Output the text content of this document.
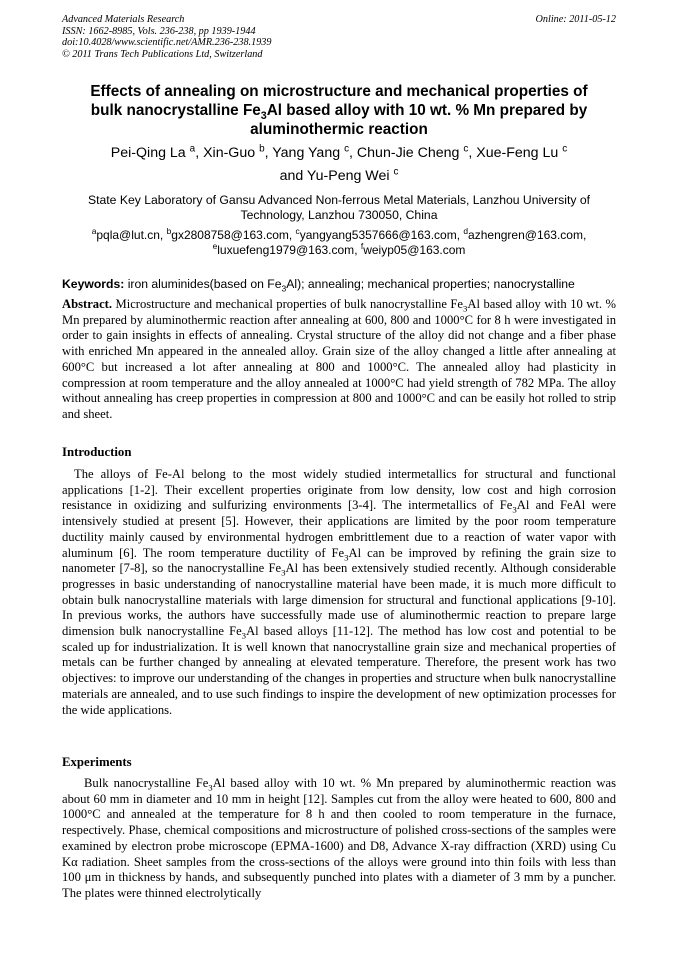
Advanced Materials Research
ISSN: 1662-8985, Vols. 236-238, pp 1939-1944
doi:10.4028/www.scientific.net/AMR.236-238.1939
© 2011 Trans Tech Publications Ltd, Switzerland
Online: 2011-05-12
Effects of annealing on microstructure and mechanical properties of
bulk nanocrystalline $Fe_3Al$ based alloy with 10 wt. % Mn prepared by
aluminothermic reaction
Pei-Qing La $^a$, Xin-Guo $^b$, Yang Yang $^c$, Chun-Jie Cheng $^c$, Xue-Feng Lu $^c$
and Yu-Peng Wei $^c$
State Key Laboratory of Gansu Advanced Non-ferrous Metal Materials, Lanzhou University of
Technology, Lanzhou 730050, China
$^a$pqla@lut.cn, $^b$gx2808758@163.com, $^c$yangyang5357666@163.com, $^d$azhengren@163.com,
$^e$luxuefeng1979@163.com, $^f$weiyp05@163.com
Keywords: iron aluminides(based on $Fe_3Al$); annealing; mechanical properties; nanocrystalline
Abstract. Microstructure and mechanical properties of bulk nanocrystalline $Fe_3Al$ based alloy with 10 wt. % Mn prepared by aluminothermic reaction after annealing at 600, 800 and 1000°C for 8 h were investigated in order to gain insights in effects of annealing. Crystal structure of the alloy did not change and a fiber phase with enriched Mn appeared in the annealed alloy. Grain size of the alloy changed a little after annealing at 600°C but increased a lot after annealing at 800 and 1000°C. The annealed alloy had plasticity in compression at room temperature and the alloy annealed at 1000°C had yield strength of 782 MPa. The alloy without annealing has creep properties in compression at 800 and 1000°C and can be easily hot rolled to strip and sheet.
Introduction
The alloys of Fe-Al belong to the most widely studied intermetallics for structural and functional applications [1-2]. Their excellent properties originate from low density, low cost and high corrosion resistance in oxidizing and sulfurizing environments [3-4]. The intermetallics of $Fe_3Al$ and FeAl were intensively studied at present [5]. However, their applications are limited by the poor room temperature ductility mainly caused by environmental hydrogen embrittlement due to a reaction of water vapor with aluminum [6]. The room temperature ductility of $Fe_3Al$ can be improved by refining the grain size to nanometer [7-8], so the nanocrystalline $Fe_3Al$ has been extensively studied recently. Although considerable progresses in basic understanding of nanocrystalline material have been made, it is much more difficult to obtain bulk nanocrystalline materials with large dimension for structural and functional applications [9-10]. In previous works, the authors have successfully made use of aluminothermic reaction to prepare large dimension bulk nanocrystalline $Fe_3Al$ based alloys [11-12]. The method has low cost and potential to be scaled up for industrialization. It is well known that nanocrystalline grain size and mechanical properties of metals can be further changed by annealing at elevated temperature. Therefore, the present work has two objectives: to improve our understanding of the changes in properties and structure when bulk nanocrystalline materials are annealed, and to use such findings to inspire the development of new optimization processes for the wide applications.
Experiments
Bulk nanocrystalline $Fe_3Al$ based alloy with 10 wt. % Mn prepared by aluminothermic reaction was about 60 mm in diameter and 10 mm in height [12]. Samples cut from the alloy were heated to 600, 800 and 1000°C and annealed at the temperature for 8 h and then cooled to room temperature in the furnace, respectively. Phase, chemical compositions and microstructure of polished cross-sections of the samples were examined by electron probe microscope (EPMA-1600) and D8, Advance X-ray diffraction (XRD) using Cu Kα radiation. Sheet samples from the cross-sections of the alloys were ground into thin foils with less than 100 μm in thickness by hands, and subsequently punched into plates with a diameter of 3 mm by a puncher. The plates were thinned electrolytically
